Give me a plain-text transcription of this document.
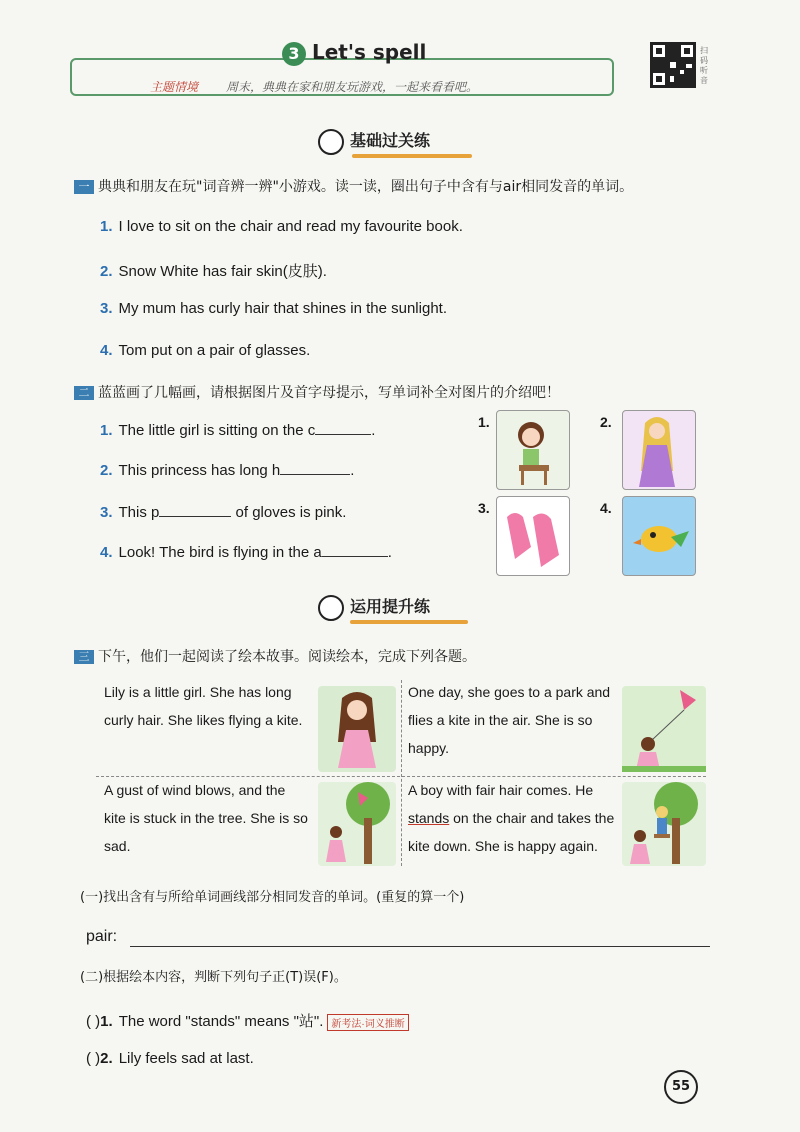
3 Let's spell
主题情境 周末，典典在家和朋友玩游戏，一起来看看吧。
扫码听音
基础过关练
一 典典和朋友在玩"词音辨一辨"小游戏。读一读，圈出句子中含有与air相同发音的单词。
1. I love to sit on the chair and read my favourite book.
2. Snow White has fair skin(皮肤).
3. My mum has curly hair that shines in the sunlight.
4. Tom put on a pair of glasses.
二 蓝蓝画了几幅画，请根据图片及首字母提示，写单词补全对图片的介绍吧！
1. The little girl is sitting on the c	.
2. This princess has long h	.
3. This p	of gloves is pink.
4. Look! The bird is flying in the a	.
1.	2.
3.	4.
运用提升练
三 下午，他们一起阅读了绘本故事。阅读绘本，完成下列各题。
Lily is a little girl. She has long curly hair. She likes flying a kite.
One day, she goes to a park and flies a kite in the air. She is so happy.
A gust of wind blows, and the kite is stuck in the tree. She is so sad.
A boy with fair hair comes. He stands on the chair and takes the kite down. She is happy again.
(一)找出含有与所给单词画线部分相同发音的单词。(重复的算一个)
pair:
(二)根据绘本内容，判断下列句子正(T)误(F)。
( )1. The word "stands" means "站". 新考法·词义推断
( )2. Lily feels sad at last.
55
